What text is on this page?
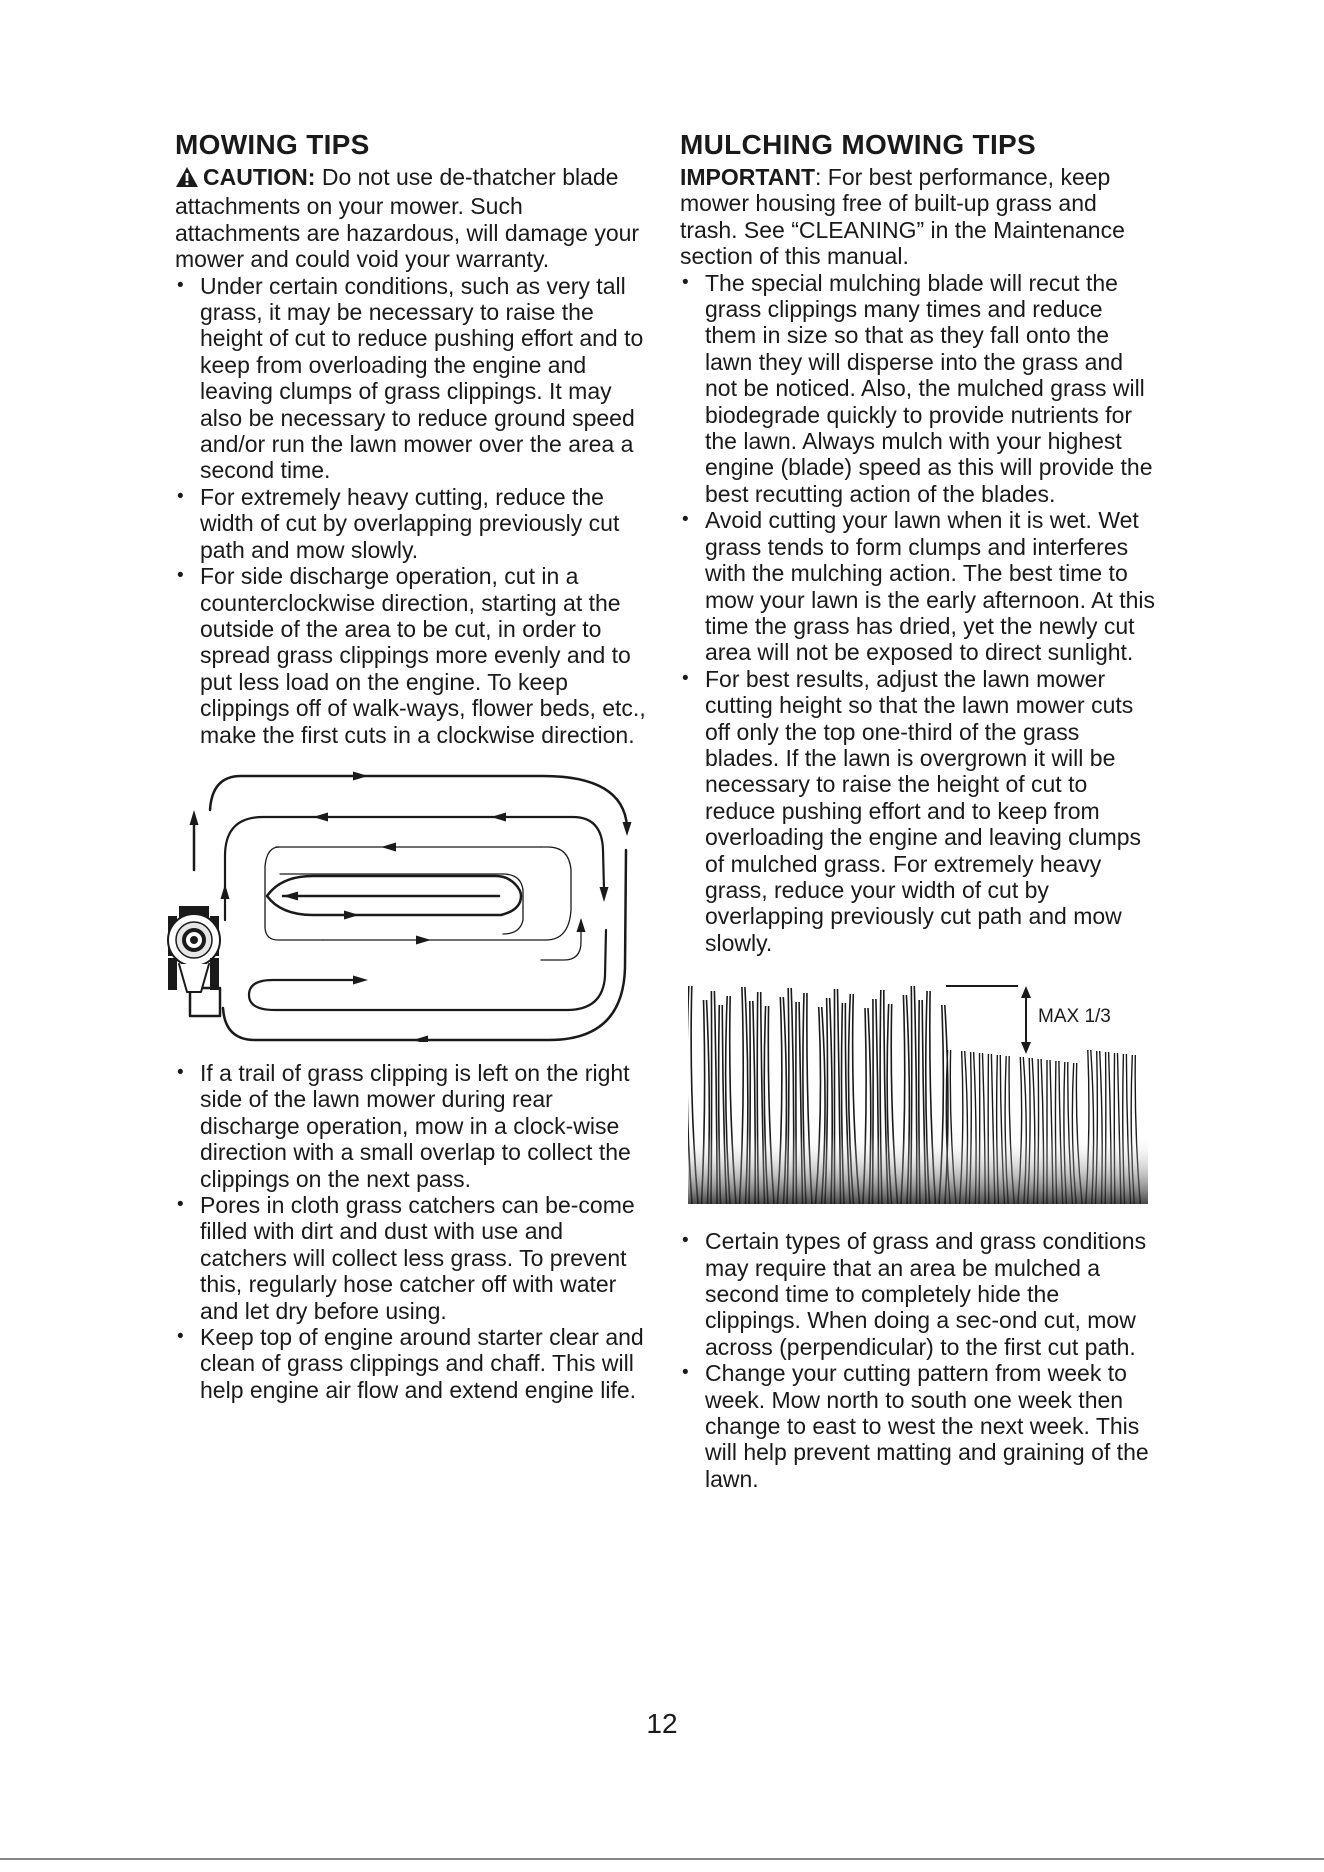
MOWING TIPS

CAUTION: Do not use de-thatcher blade attachments on your mower. Such attachments are hazardous, will damage your mower and could void your warranty.

• Under certain conditions, such as very tall grass, it may be necessary to raise the height of cut to reduce pushing effort and to keep from overloading the engine and leaving clumps of grass clippings. It may also be necessary to reduce ground speed and/or run the lawn mower over the area a second time.
• For extremely heavy cutting, reduce the width of cut by overlapping previously cut path and mow slowly.
• For side discharge operation, cut in a counterclockwise direction, starting at the outside of the area to be cut, in order to spread grass clippings more evenly and to put less load on the engine. To keep clippings off of walk-ways, flower beds, etc., make the first cuts in a clockwise direction.
• If a trail of grass clipping is left on the right side of the lawn mower during rear discharge operation, mow in a clock-wise direction with a small overlap to collect the clippings on the next pass.
• Pores in cloth grass catchers can be-come filled with dirt and dust with use and catchers will collect less grass. To prevent this, regularly hose catcher off with water and let dry before using.
• Keep top of engine around starter clear and clean of grass clippings and chaff. This will help engine air flow and extend engine life.
MULCHING MOWING TIPS

IMPORTANT: For best performance, keep mower housing free of built-up grass and trash. See “CLEANING” in the Maintenance section of this manual.

• The special mulching blade will recut the grass clippings many times and reduce them in size so that as they fall onto the lawn they will disperse into the grass and not be noticed. Also, the mulched grass will biodegrade quickly to provide nutrients for the lawn. Always mulch with your highest engine (blade) speed as this will provide the best recutting action of the blades.
• Avoid cutting your lawn when it is wet. Wet grass tends to form clumps and interferes with the mulching action. The best time to mow your lawn is the early afternoon. At this time the grass has dried, yet the newly cut area will not be exposed to direct sunlight.
• For best results, adjust the lawn mower cutting height so that the lawn mower cuts off only the top one-third of the grass blades. If the lawn is overgrown it will be necessary to raise the height of cut to reduce pushing effort and to keep from overloading the engine and leaving clumps of mulched grass. For extremely heavy grass, reduce your width of cut by overlapping previously cut path and mow slowly.
MAX 1/3
• Certain types of grass and grass conditions may require that an area be mulched a second time to completely hide the clippings. When doing a sec-ond cut, mow across (perpendicular) to the first cut path.
• Change your cutting pattern from week to week. Mow north to south one week then change to east to west the next week. This will help prevent matting and graining of the lawn.
12
